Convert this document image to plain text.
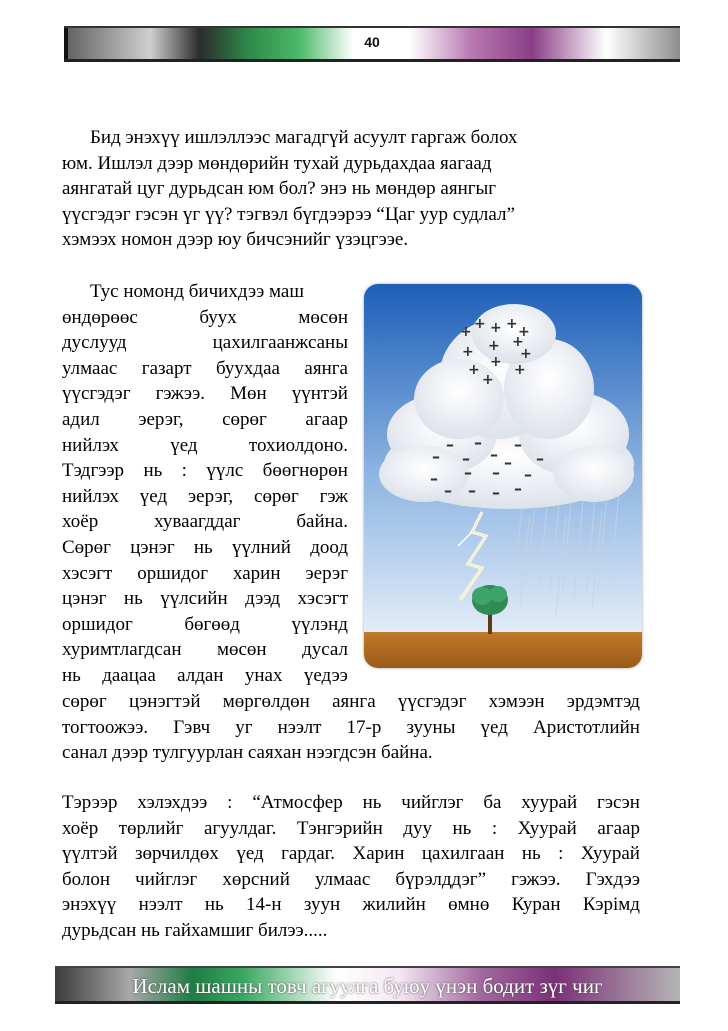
40
Бид энэхүү ишлэллээс магадгүй асуулт гаргаж болох
юм. Ишлэл дээр мөндөрийн тухай дурьдахдаа яагаад
аянгатай цуг дурьдсан юм бол? энэ нь мөндөр аянгыг
үүсгэдэг гэсэн үг үү? тэгвэл бүгдээрээ “Цаг уур судлал”
хэмээх номон дээр юу бичсэнийг үзэцгээе.
Тус номонд бичихдээ маш
өндөрөөс	буух	мөсөн
дуслууд	цахилгаанжсаны
улмаас газарт буухдаа аянга
үүсгэдэг гэжээ. Мөн үүнтэй
адил эерэг, сөрөг агаар
нийлэх	үед	тохиолдоно.
Тэдгээр нь : үүлс бөөгнөрөн
нийлэх үед эерэг, сөрөг гэж
хоёр	хуваагддаг	байна.
Сөрөг цэнэг нь үүлний доод
хэсэгт оршидог харин эерэг
цэнэг нь үүлсийн дээд хэсэгт
оршидог	бөгөөд	үүлэнд
хуримтлагдсан мөсөн дусал
нь даацаа алдан унах үедээ
сөрөг цэнэгтэй мөргөлдөн аянга үүсгэдэг хэмээн эрдэмтэд
тогтоожээ. Гэвч уг нээлт 17-р зууны үед Аристотлийн
санал дээр тулгуурлан саяхан нээгдсэн байна.
Тэрээр хэлэхдээ : “Атмосфер нь чийглэг ба хуурай гэсэн
хоёр төрлийг агуулдаг. Тэнгэрийн дуу нь : Хуурай агаар
үүлтэй зөрчилдөх үед гардаг. Харин цахилгаан нь : Хуурай
болон чийглэг хөрсний улмаас бүрэлддэг” гэжээ. Гэхдээ
энэхүү нээлт нь 14-н зуун жилийн өмнө Куран Кэрімд
дурьдсан нь гайхамшиг билээ.....
+ + + + +
+ + +
+
+
+ +
+
– – –
– – – – –
– – –
–
– – – –
Ислам шашны товч агуулга буюу үнэн бодит зүг чиг
